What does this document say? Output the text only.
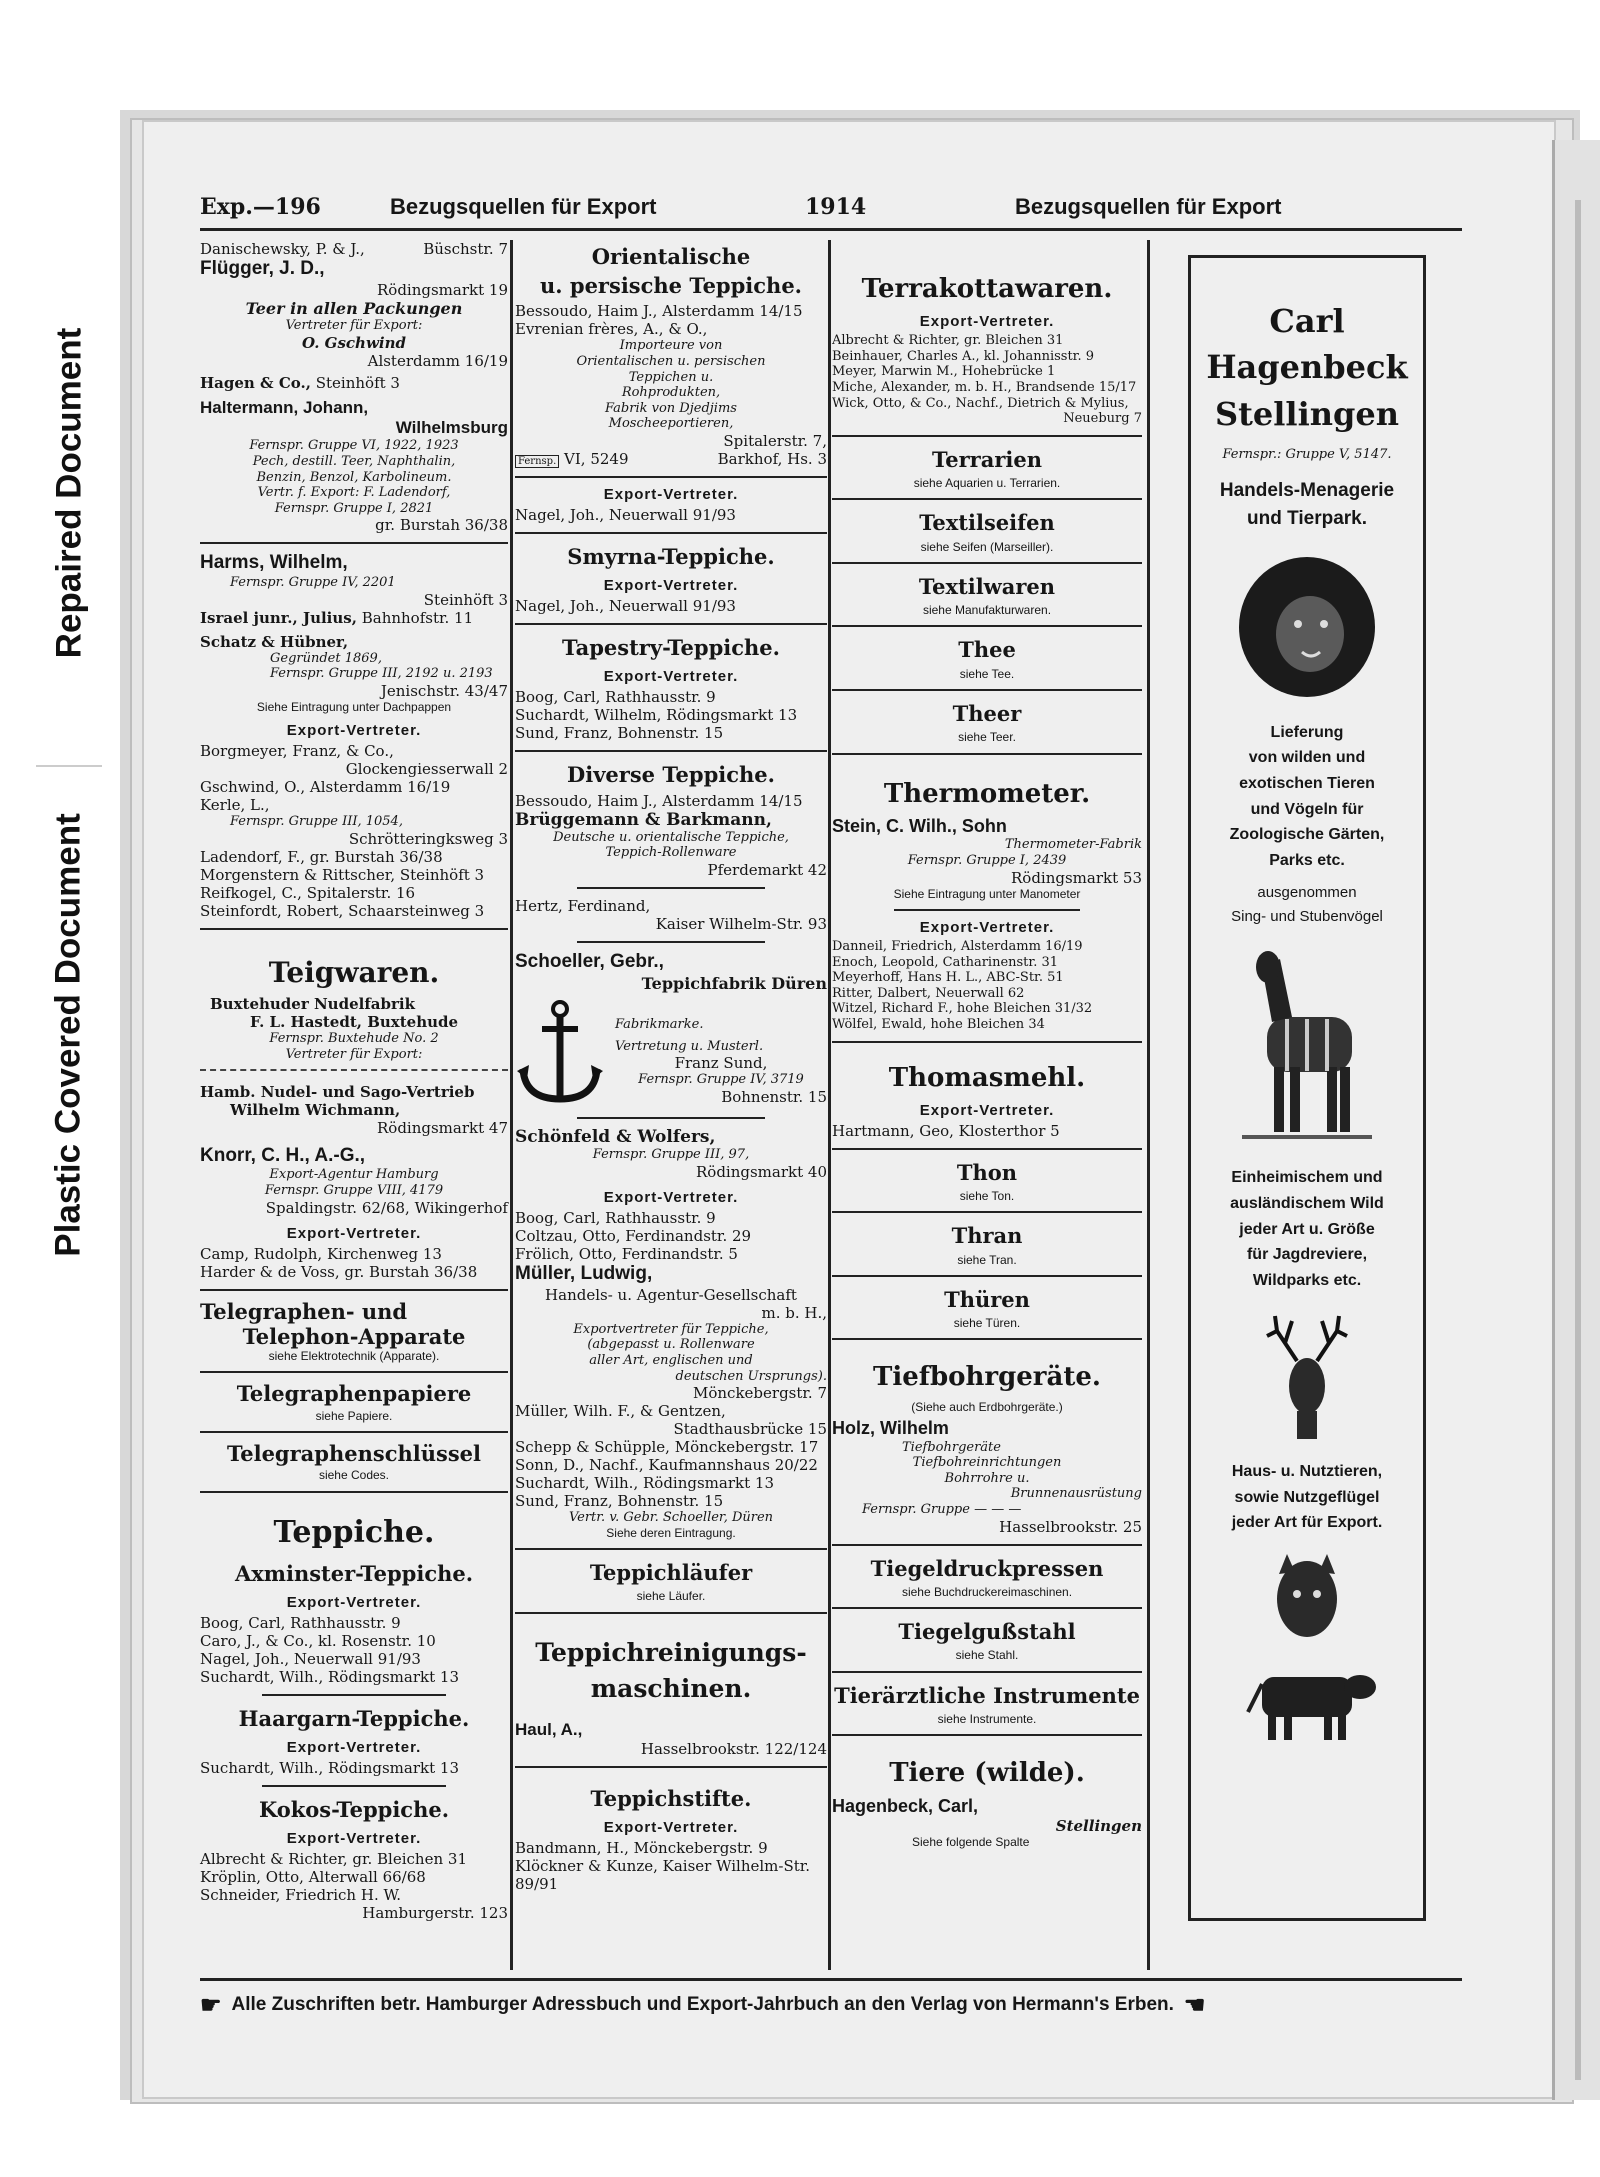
Repaired Document
Plastic Covered Document
Exp.—196	Bezugsquellen für Export	1914	Bezugsquellen für Export
Danischewsky, P. & J.,	Büschstr. 7
Flügger, J. D.,
Rödingsmarkt 19
Teer in allen Packungen
Vertreter für Export:
O. Gschwind
Alsterdamm 16/19
Hagen & Co., Steinhöft 3
Haltermann, Johann,
Wilhelmsburg
Fernspr. Gruppe VI, 1922, 1923
Pech, destill. Teer, Naphthalin,
Benzin, Benzol, Karbolineum.
Vertr. f. Export: F. Ladendorf,
Fernspr. Gruppe I, 2821
gr. Burstah 36/38
Harms, Wilhelm,
Fernspr. Gruppe IV, 2201
Steinhöft 3
Israel junr., Julius, Bahnhofstr. 11
Schatz & Hübner,
Gegründet 1869,
Fernspr. Gruppe III, 2192 u. 2193
Jenischstr. 43/47
Siehe Eintragung unter Dachpappen
Export-Vertreter.
Borgmeyer, Franz, & Co.,
Glockengiesserwall 2
Gschwind, O., Alsterdamm 16/19
Kerle, L.,
Fernspr. Gruppe III, 1054,
Schrötteringksweg 3
Ladendorf, F., gr. Burstah 36/38
Morgenstern & Rittscher, Steinhöft 3
Reifkogel, C., Spitalerstr. 16
Steinfordt, Robert, Schaarsteinweg 3
Teigwaren.
Buxtehuder Nudelfabrik
F. L. Hastedt, Buxtehude
Fernspr. Buxtehude No. 2
Vertreter für Export:
Hamb. Nudel- und Sago-Vertrieb
Wilhelm Wichmann,
Rödingsmarkt 47
Knorr, C. H., A.-G.,
Export-Agentur Hamburg
Fernspr. Gruppe VIII, 4179
Spaldingstr. 62/68, Wikingerhof
Export-Vertreter.
Camp, Rudolph, Kirchenweg 13
Harder & de Voss, gr. Burstah 36/38
Telegraphen- und
Telephon-Apparate
siehe Elektrotechnik (Apparate).
Telegraphenpapiere
siehe Papiere.
Telegraphenschlüssel
siehe Codes.
Teppiche.
Axminster-Teppiche.
Export-Vertreter.
Boog, Carl, Rathhausstr. 9
Caro, J., & Co., kl. Rosenstr. 10
Nagel, Joh., Neuerwall 91/93
Suchardt, Wilh., Rödingsmarkt 13
Haargarn-Teppiche.
Export-Vertreter.
Suchardt, Wilh., Rödingsmarkt 13
Kokos-Teppiche.
Export-Vertreter.
Albrecht & Richter, gr. Bleichen 31
Kröplin, Otto, Alterwall 66/68
Schneider, Friedrich H. W.
Hamburgerstr. 123
Orientalische
u. persische Teppiche.
Bessoudo, Haim J., Alsterdamm 14/15
Evrenian frères, A., & O.,
Importeure von
Orientalischen u. persischen
Teppichen u.
Rohprodukten,
Fabrik von Djedjims
Moscheeportieren,
Spitalerstr. 7,
Fernsp. VI, 5249	Barkhof, Hs. 3
Export-Vertreter.
Nagel, Joh., Neuerwall 91/93
Smyrna-Teppiche.
Export-Vertreter.
Nagel, Joh., Neuerwall 91/93
Tapestry-Teppiche.
Export-Vertreter.
Boog, Carl, Rathhausstr. 9
Suchardt, Wilhelm, Rödingsmarkt 13
Sund, Franz, Bohnenstr. 15
Diverse Teppiche.
Bessoudo, Haim J., Alsterdamm 14/15
Brüggemann & Barkmann,
Deutsche u. orientalische Teppiche,
Teppich-Rollenware
Pferdemarkt 42
Hertz, Ferdinand,
Kaiser Wilhelm-Str. 93
Schoeller, Gebr.,
Teppichfabrik Düren
Fabrikmarke.
Vertretung u. Musterl.
Franz Sund,
Fernspr. Gruppe IV, 3719
Bohnenstr. 15
Schönfeld & Wolfers,
Fernspr. Gruppe III, 97,
Rödingsmarkt 40
Export-Vertreter.
Boog, Carl, Rathhausstr. 9
Coltzau, Otto, Ferdinandstr. 29
Frölich, Otto, Ferdinandstr. 5
Müller, Ludwig,
Handels- u. Agentur-Gesellschaft
m. b. H.,
Exportvertreter für Teppiche,
(abgepasst u. Rollenware
aller Art, englischen und
deutschen Ursprungs).
Mönckebergstr. 7
Müller, Wilh. F., & Gentzen,
Stadthausbrücke 15
Schepp & Schüpple, Mönckebergstr. 17
Sonn, D., Nachf., Kaufmannshaus 20/22
Suchardt, Wilh., Rödingsmarkt 13
Sund, Franz, Bohnenstr. 15
Vertr. v. Gebr. Schoeller, Düren
Siehe deren Eintragung.
Teppichläufer
siehe Läufer.
Teppichreinigungs-
maschinen.
Haul, A.,
Hasselbrookstr. 122/124
Teppichstifte.
Export-Vertreter.
Bandmann, H., Mönckebergstr. 9
Klöckner & Kunze, Kaiser Wilhelm-Str. 89/91
Terrakottawaren.
Export-Vertreter.
Albrecht & Richter, gr. Bleichen 31
Beinhauer, Charles A., kl. Johannisstr. 9
Meyer, Marwin M., Hohebrücke 1
Miche, Alexander, m. b. H., Brandsende 15/17
Wick, Otto, & Co., Nachf., Dietrich & Mylius,
Neueburg 7
Terrarien
siehe Aquarien u. Terrarien.
Textilseifen
siehe Seifen (Marseiller).
Textilwaren
siehe Manufakturwaren.
Thee
siehe Tee.
Theer
siehe Teer.
Thermometer.
Stein, C. Wilh., Sohn
Thermometer-Fabrik
Fernspr. Gruppe I, 2439
Rödingsmarkt 53
Siehe Eintragung unter Manometer
Export-Vertreter.
Danneil, Friedrich, Alsterdamm 16/19
Enoch, Leopold, Catharinenstr. 31
Meyerhoff, Hans H. L., ABC-Str. 51
Ritter, Dalbert, Neuerwall 62
Witzel, Richard F., hohe Bleichen 31/32
Wölfel, Ewald, hohe Bleichen 34
Thomasmehl.
Export-Vertreter.
Hartmann, Geo, Klosterthor 5
Thon
siehe Ton.
Thran
siehe Tran.
Thüren
siehe Türen.
Tiefbohrgeräte.
(Siehe auch Erdbohrgeräte.)
Holz, Wilhelm
Tiefbohrgeräte
Tiefbohreinrichtungen
Bohrrohre u.
Brunnenausrüstung
Fernspr. Gruppe — — —
Hasselbrookstr. 25
Tiegeldruckpressen
siehe Buchdruckereimaschinen.
Tiegelgußstahl
siehe Stahl.
Tierärztliche Instrumente
siehe Instrumente.
Tiere (wilde).
Hagenbeck, Carl,
Stellingen
Siehe folgende Spalte
Carl Hagenbeck
Stellingen
Fernspr.: Gruppe V, 5147.
Handels-Menagerie
und Tierpark.
Lieferung
von wilden und
exotischen Tieren
und Vögeln für
Zoologische Gärten,
Parks etc.
ausgenommen
Sing- und Stubenvögel
Einheimischem und
ausländischem Wild
jeder Art u. Größe
für Jagdreviere,
Wildparks etc.
Haus- u. Nutztieren,
sowie Nutzgeflügel
jeder Art für Export.
☛ Alle Zuschriften betr. Hamburger Adressbuch und Export-Jahrbuch an den Verlag von Hermann's Erben. ☚
